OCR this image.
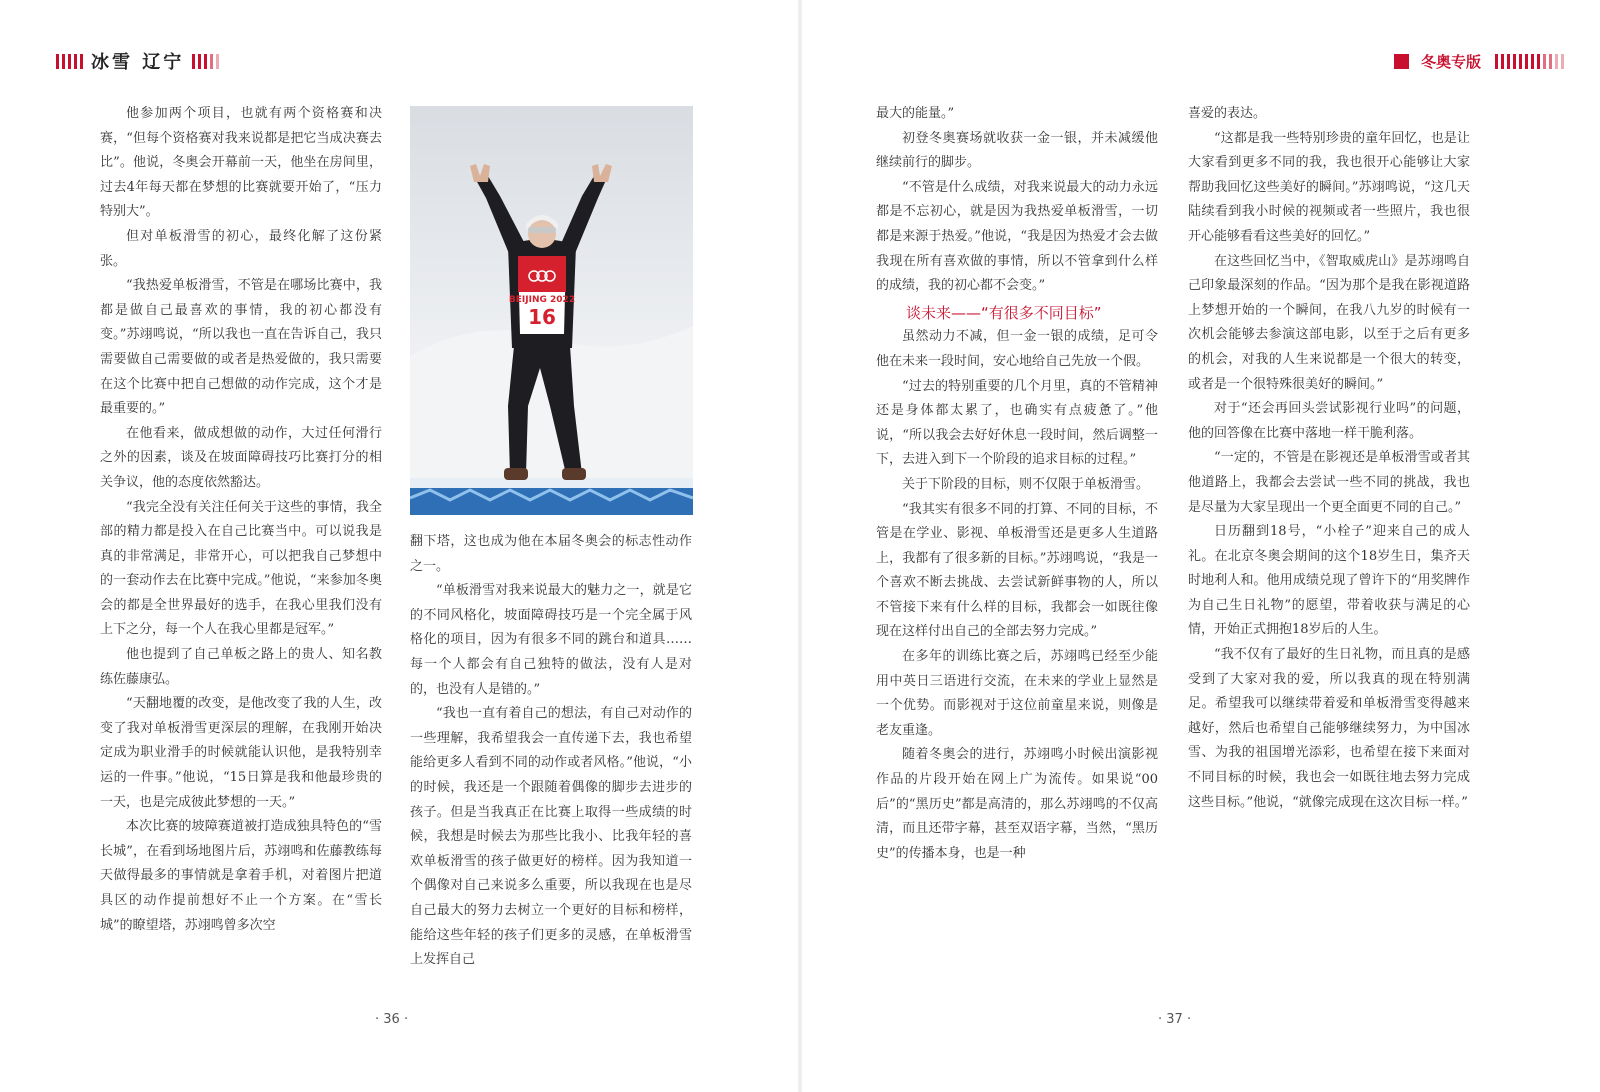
冰雪 辽宁	冬奥专版

他参加两个项目，也就有两个资格赛和决赛，“但每个资格赛对我来说都是把它当成决赛去比”。他说，冬奥会开幕前一天，他坐在房间里，过去4年每天都在梦想的比赛就要开始了，“压力特别大”。

但对单板滑雪的初心，最终化解了这份紧张。

“我热爱单板滑雪，不管是在哪场比赛中，我都是做自己最喜欢的事情，我的初心都没有变。”苏翊鸣说，“所以我也一直在告诉自己，我只需要做自己需要做的或者是热爱做的，我只需要在这个比赛中把自己想做的动作完成，这个才是最重要的。”

在他看来，做成想做的动作，大过任何滑行之外的因素，谈及在坡面障碍技巧比赛打分的相关争议，他的态度依然豁达。

“我完全没有关注任何关于这些的事情，我全部的精力都是投入在自己比赛当中。可以说我是真的非常满足，非常开心，可以把我自己梦想中的一套动作去在比赛中完成。”他说，“来参加冬奥会的都是全世界最好的选手，在我心里我们没有上下之分，每一个人在我心里都是冠军。”

他也提到了自己单板之路上的贵人、知名教练佐藤康弘。

“天翻地覆的改变，是他改变了我的人生，改变了我对单板滑雪更深层的理解，在我刚开始决定成为职业滑手的时候就能认识他，是我特别幸运的一件事。”他说，“15日算是我和他最珍贵的一天，也是完成彼此梦想的一天。”

本次比赛的坡障赛道被打造成独具特色的“雪长城”，在看到场地图片后，苏翊鸣和佐藤教练每天做得最多的事情就是拿着手机，对着图片把道具区的动作提前想好不止一个方案。在“雪长城”的瞭望塔，苏翊鸣曾多次空

BEIJING 2022
16

翻下塔，这也成为他在本届冬奥会的标志性动作之一。

“单板滑雪对我来说最大的魅力之一，就是它的不同风格化，坡面障碍技巧是一个完全属于风格化的项目，因为有很多不同的跳台和道具……每一个人都会有自己独特的做法，没有人是对的，也没有人是错的。”

“我也一直有着自己的想法，有自己对动作的一些理解，我希望我会一直传递下去，我也希望能给更多人看到不同的动作或者风格。”他说，“小的时候，我还是一个跟随着偶像的脚步去进步的孩子。但是当我真正在比赛上取得一些成绩的时候，我想是时候去为那些比我小、比我年轻的喜欢单板滑雪的孩子做更好的榜样。因为我知道一个偶像对自己来说多么重要，所以我现在也是尽自己最大的努力去树立一个更好的目标和榜样，能给这些年轻的孩子们更多的灵感，在单板滑雪上发挥自己

最大的能量。”

初登冬奥赛场就收获一金一银，并未减缓他继续前行的脚步。

“不管是什么成绩，对我来说最大的动力永远都是不忘初心，就是因为我热爱单板滑雪，一切都是来源于热爱。”他说，“我是因为热爱才会去做我现在所有喜欢做的事情，所以不管拿到什么样的成绩，我的初心都不会变。”

谈未来——“有很多不同目标”

虽然动力不减，但一金一银的成绩，足可令他在未来一段时间，安心地给自己先放一个假。

“过去的特别重要的几个月里，真的不管精神还是身体都太累了，也确实有点疲惫了。”他说，“所以我会去好好休息一段时间，然后调整一下，去进入到下一个阶段的追求目标的过程。”

关于下阶段的目标，则不仅限于单板滑雪。

“我其实有很多不同的打算、不同的目标，不管是在学业、影视、单板滑雪还是更多人生道路上，我都有了很多新的目标。”苏翊鸣说，“我是一个喜欢不断去挑战、去尝试新鲜事物的人，所以不管接下来有什么样的目标，我都会一如既往像现在这样付出自己的全部去努力完成。”

在多年的训练比赛之后，苏翊鸣已经至少能用中英日三语进行交流，在未来的学业上显然是一个优势。而影视对于这位前童星来说，则像是老友重逢。

随着冬奥会的进行，苏翊鸣小时候出演影视作品的片段开始在网上广为流传。如果说“00后”的“黑历史”都是高清的，那么苏翊鸣的不仅高清，而且还带字幕，甚至双语字幕，当然，“黑历史”的传播本身，也是一种

喜爱的表达。

“这都是我一些特别珍贵的童年回忆，也是让大家看到更多不同的我，我也很开心能够让大家帮助我回忆这些美好的瞬间。”苏翊鸣说，“这几天陆续看到我小时候的视频或者一些照片，我也很开心能够看看这些美好的回忆。”

在这些回忆当中，《智取威虎山》是苏翊鸣自己印象最深刻的作品。“因为那个是我在影视道路上梦想开始的一个瞬间，在我八九岁的时候有一次机会能够去参演这部电影，以至于之后有更多的机会，对我的人生来说都是一个很大的转变，或者是一个很特殊很美好的瞬间。”

对于“还会再回头尝试影视行业吗”的问题，他的回答像在比赛中落地一样干脆利落。

“一定的，不管是在影视还是单板滑雪或者其他道路上，我都会去尝试一些不同的挑战，我也是尽量为大家呈现出一个更全面更不同的自己。”

日历翻到18号，“小栓子”迎来自己的成人礼。在北京冬奥会期间的这个18岁生日，集齐天时地利人和。他用成绩兑现了曾许下的“用奖牌作为自己生日礼物”的愿望，带着收获与满足的心情，开始正式拥抱18岁后的人生。

“我不仅有了最好的生日礼物，而且真的是感受到了大家对我的爱，所以我真的现在特别满足。希望我可以继续带着爱和单板滑雪变得越来越好，然后也希望自己能够继续努力，为中国冰雪、为我的祖国增光添彩，也希望在接下来面对不同目标的时候，我也会一如既往地去努力完成这些目标。”他说，“就像完成现在这次目标一样。”

· 36 ·	· 37 ·
